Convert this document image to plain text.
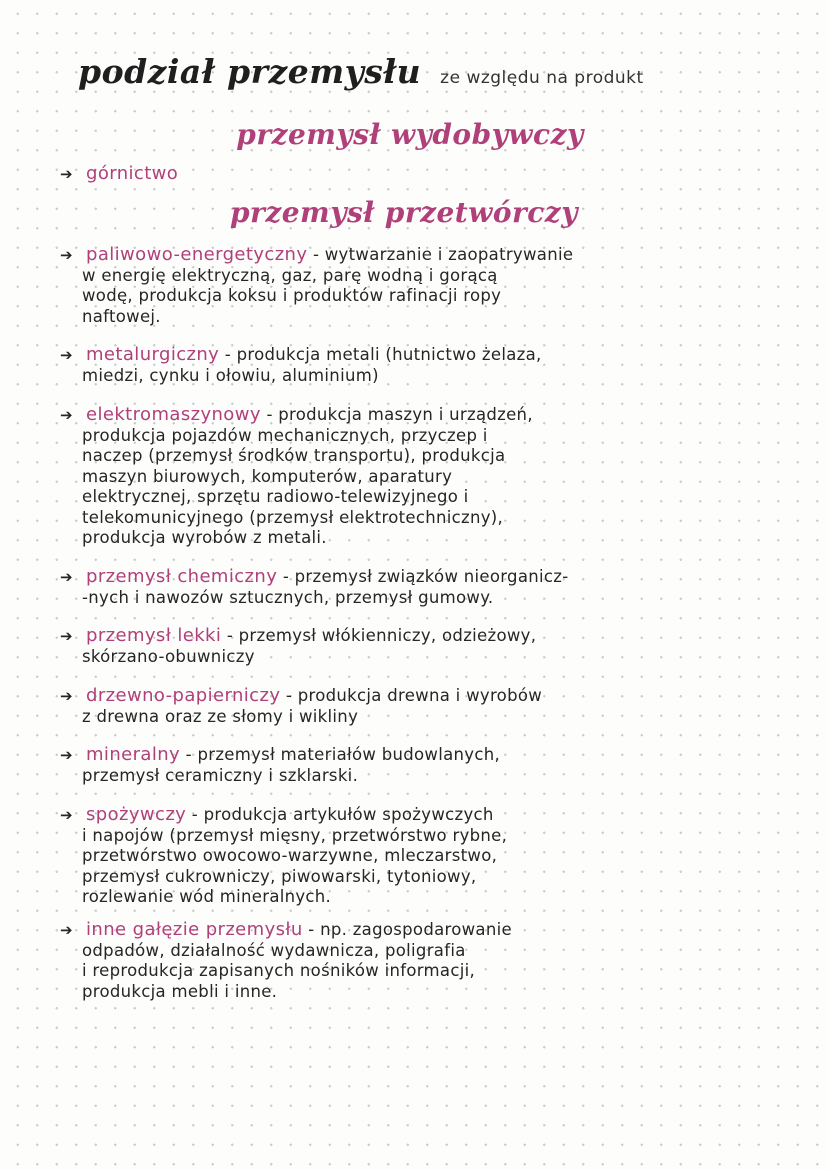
podział przemysłu ze względu na produkt
przemysł wydobywczy
➔ górnictwo
przemysł przetwórczy
➔ paliwowo-energetyczny - wytwarzanie i zaopatrywanie
w energię elektryczną, gaz, parę wodną i gorącą
wodę, produkcja koksu i produktów rafinacji ropy
naftowej.
➔ metalurgiczny - produkcja metali (hutnictwo żelaza,
miedzi, cynku i ołowiu, aluminium)
➔ elektromaszynowy - produkcja maszyn i urządzeń,
produkcja pojazdów mechanicznych, przyczep i
naczep (przemysł środków transportu), produkcja
maszyn biurowych, komputerów, aparatury
elektrycznej, sprzętu radiowo-telewizyjnego i
telekomunicyjnego (przemysł elektrotechniczny),
produkcja wyrobów z metali.
➔ przemysł chemiczny - przemysł związków nieorganicz-
-nych i nawozów sztucznych, przemysł gumowy.
➔ przemysł lekki - przemysł włókienniczy, odzieżowy,
skórzano-obuwniczy
➔ drzewno-papierniczy - produkcja drewna i wyrobów
z drewna oraz ze słomy i wikliny
➔ mineralny - przemysł materiałów budowlanych,
przemysł ceramiczny i szklarski.
➔ spożywczy - produkcja artykułów spożywczych
i napojów (przemysł mięsny, przetwórstwo rybne,
przetwórstwo owocowo-warzywne, mleczarstwo,
przemysł cukrowniczy, piwowarski, tytoniowy,
rozlewanie wód mineralnych.
➔ inne gałęzie przemysłu - np. zagospodarowanie
odpadów, działalność wydawnicza, poligrafia
i reprodukcja zapisanych nośników informacji,
produkcja mebli i inne.
